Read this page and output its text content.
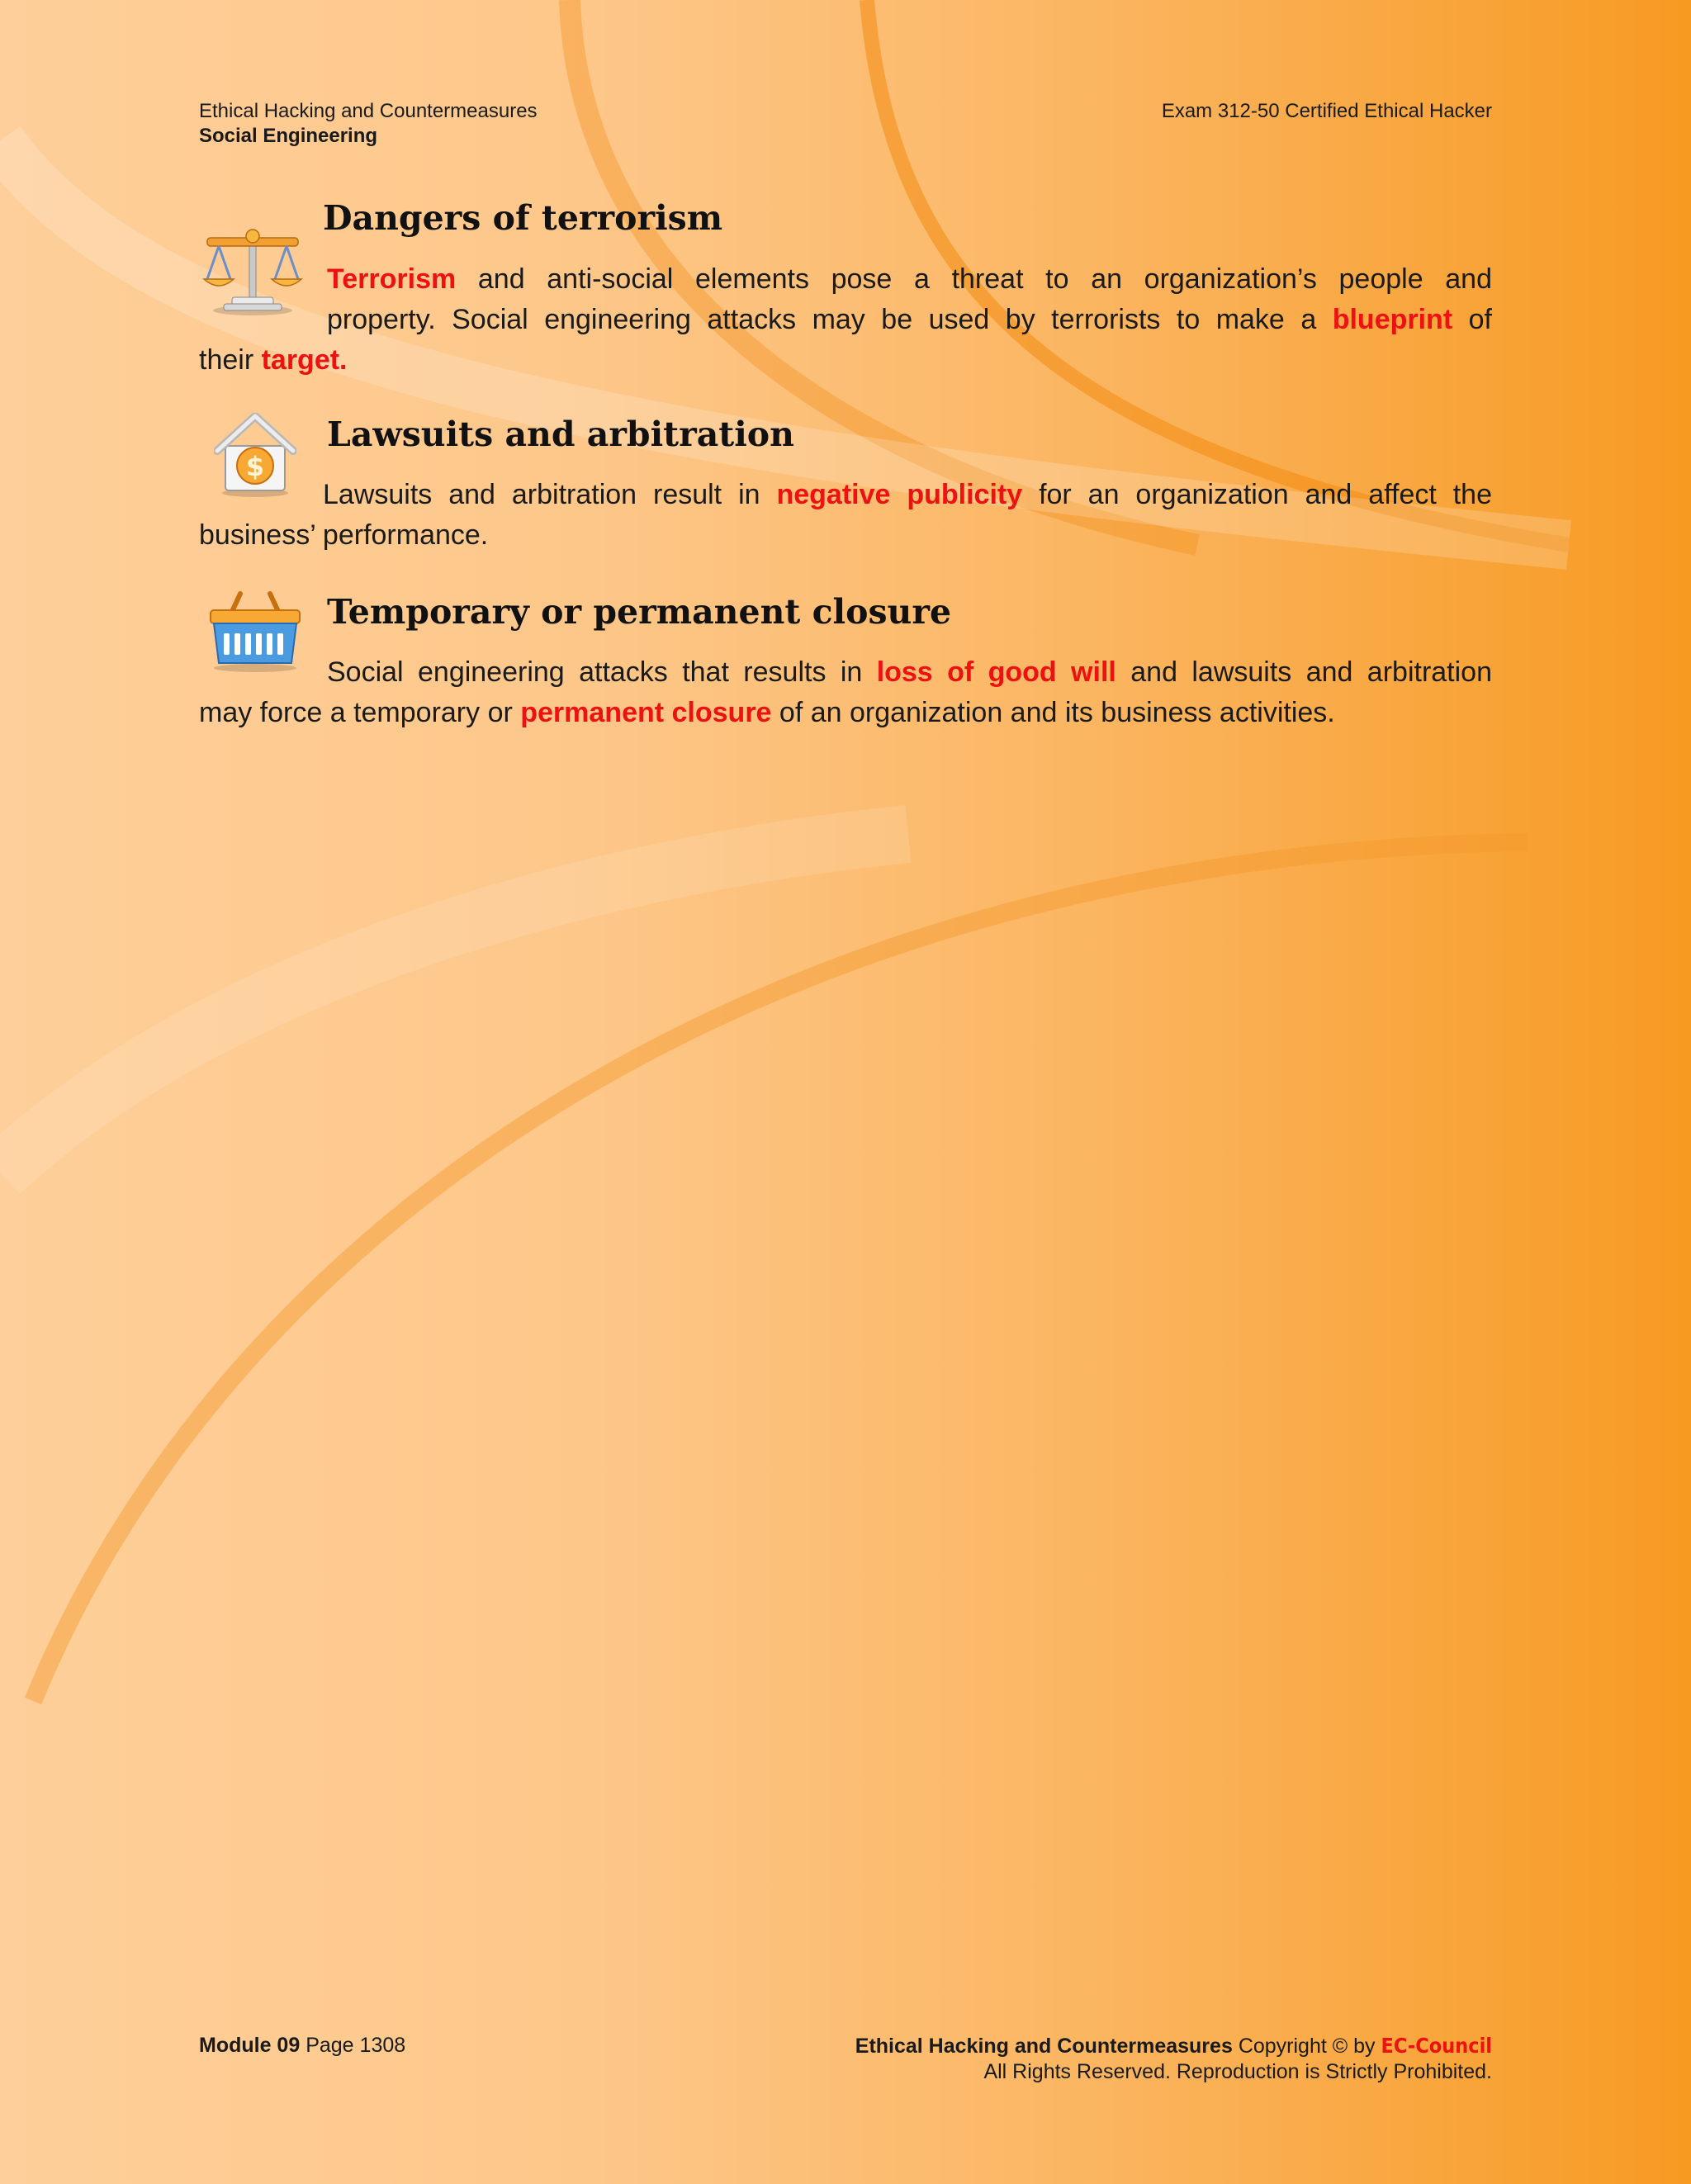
Ethical Hacking and Countermeasures
Social Engineering
Exam 312-50 Certified Ethical Hacker
Dangers of terrorism
Terrorism and anti-social elements pose a threat to an organization’s people and
property. Social engineering attacks may be used by terrorists to make a blueprint of
their target.
$
Lawsuits and arbitration
Lawsuits and arbitration result in negative publicity for an organization and affect the
business’ performance.
Temporary or permanent closure
Social engineering attacks that results in loss of good will and lawsuits and arbitration
may force a temporary or permanent closure of an organization and its business activities.
Module 09 Page 1308	Ethical Hacking and Countermeasures Copyright © by EC-Council
All Rights Reserved. Reproduction is Strictly Prohibited.
